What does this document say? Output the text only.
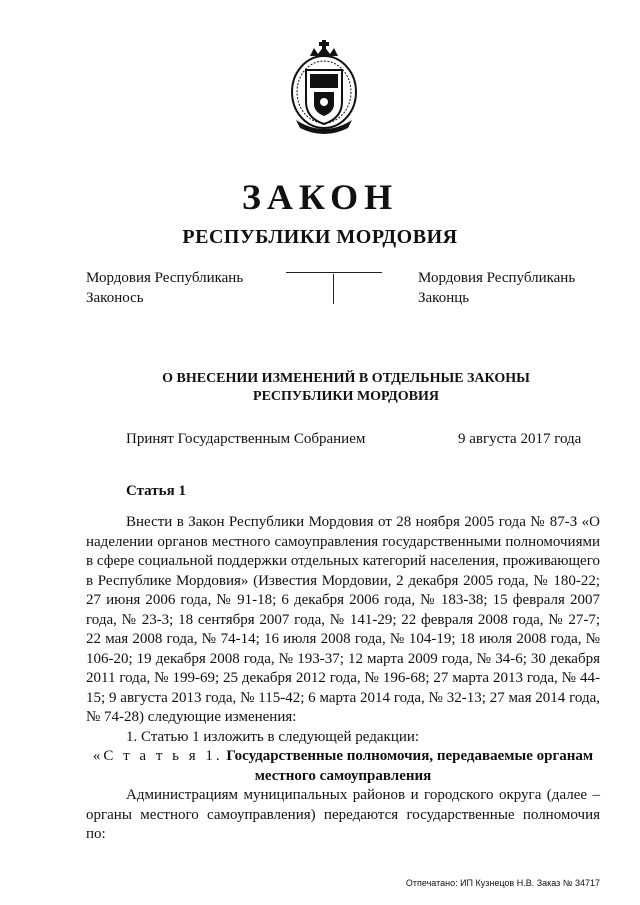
ЗАКОН
РЕСПУБЛИКИ МОРДОВИЯ
Мордовия Республикань
Законось
Мордовия Республикань
Законць
О ВНЕСЕНИИ ИЗМЕНЕНИЙ В ОТДЕЛЬНЫЕ ЗАКОНЫ
РЕСПУБЛИКИ МОРДОВИЯ
Принят Государственным Собранием	9 августа 2017 года
Статья 1

Внести в Закон Республики Мордовия от 28 ноября 2005 года № 87-З «О наделении органов местного самоуправления государственными полномочиями в сфере социальной поддержки отдельных категорий населения, проживающего в Республике Мордовия» (Известия Мордовии, 2 декабря 2005 года, № 180-22; 27 июня 2006 года, № 91-18; 6 декабря 2006 года, № 183-38; 15 февраля 2007 года, № 23-3; 18 сентября 2007 года, № 141-29; 22 февраля 2008 года, № 27-7; 22 мая 2008 года, № 74-14; 16 июля 2008 года, № 104-19; 18 июля 2008 года, № 106-20; 19 декабря 2008 года, № 193-37; 12 марта 2009 года, № 34-6; 30 декабря 2011 года, № 199-69; 25 декабря 2012 года, № 196-68; 27 марта 2013 года, № 44-15; 9 августа 2013 года, № 115-42; 6 марта 2014 года, № 32-13; 27 мая 2014 года, № 74-28) следующие изменения:

1. Статью 1 изложить в следующей редакции:

«С т а т ь я 1. Государственные полномочия, передаваемые органам местного самоуправления

Администрациям муниципальных районов и городского округа (далее – органы местного самоуправления) передаются государственные полномочия по:

Отпечатано: ИП Кузнецов Н.В. Заказ № 34717
